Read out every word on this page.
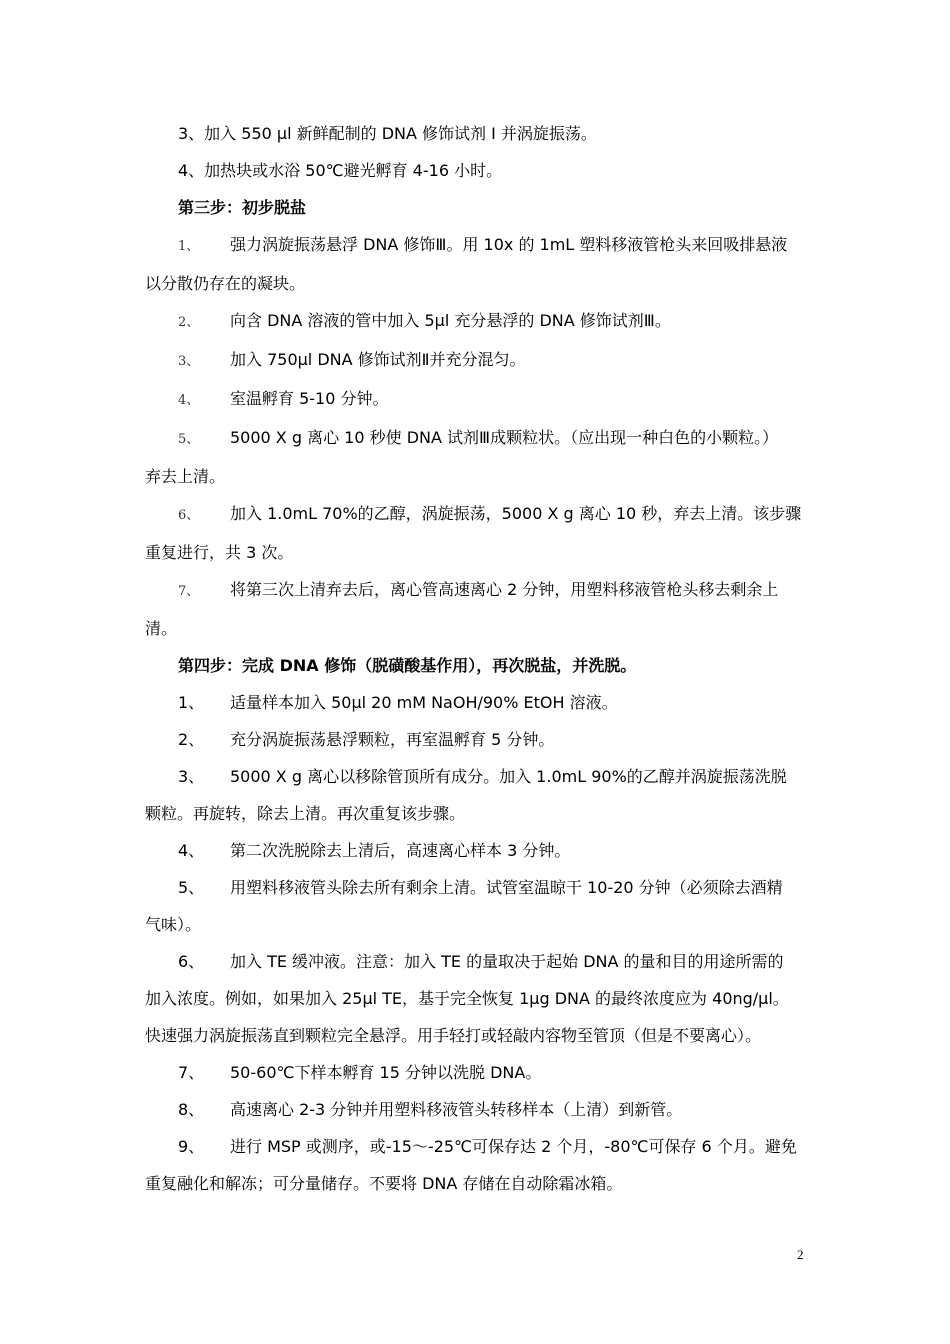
3、加入 550 μl 新鲜配制的 DNA 修饰试剂 I 并涡旋振荡。
4、加热块或水浴 50℃避光孵育 4-16 小时。
第三步：初步脱盐
1、 强力涡旋振荡悬浮 DNA 修饰Ⅲ。用 10x 的 1mL 塑料移液管枪头来回吸排悬液
以分散仍存在的凝块。
2、 向含 DNA 溶液的管中加入 5μl 充分悬浮的 DNA 修饰试剂Ⅲ。
3、 加入 750μl DNA 修饰试剂Ⅱ并充分混匀。
4、 室温孵育 5-10 分钟。
5、 5000 X g 离心 10 秒使 DNA 试剂Ⅲ成颗粒状。（应出现一种白色的小颗粒。）
弃去上清。
6、 加入 1.0mL 70%的乙醇，涡旋振荡，5000 X g 离心 10 秒，弃去上清。该步骤
重复进行，共 3 次。
7、 将第三次上清弃去后，离心管高速离心 2 分钟，用塑料移液管枪头移去剩余上
清。
第四步：完成 DNA 修饰（脱磺酸基作用），再次脱盐，并洗脱。
1、 适量样本加入 50μl 20 mM NaOH/90% EtOH 溶液。
2、 充分涡旋振荡悬浮颗粒，再室温孵育 5 分钟。
3、 5000 X g 离心以移除管顶所有成分。加入 1.0mL 90%的乙醇并涡旋振荡洗脱
颗粒。再旋转，除去上清。再次重复该步骤。
4、 第二次洗脱除去上清后，高速离心样本 3 分钟。
5、 用塑料移液管头除去所有剩余上清。试管室温晾干 10-20 分钟（必须除去酒精
气味）。
6、 加入 TE 缓冲液。注意：加入 TE 的量取决于起始 DNA 的量和目的用途所需的
加入浓度。例如，如果加入 25μl TE，基于完全恢复 1μg DNA 的最终浓度应为 40ng/μl。
快速强力涡旋振荡直到颗粒完全悬浮。用手轻打或轻敲内容物至管顶（但是不要离心）。
7、 50-60℃下样本孵育 15 分钟以洗脱 DNA。
8、 高速离心 2-3 分钟并用塑料移液管头转移样本（上清）到新管。
9、 进行 MSP 或测序，或-15～-25℃可保存达 2 个月，-80℃可保存 6 个月。避免
重复融化和解冻；可分量储存。不要将 DNA 存储在自动除霜冰箱。
2
